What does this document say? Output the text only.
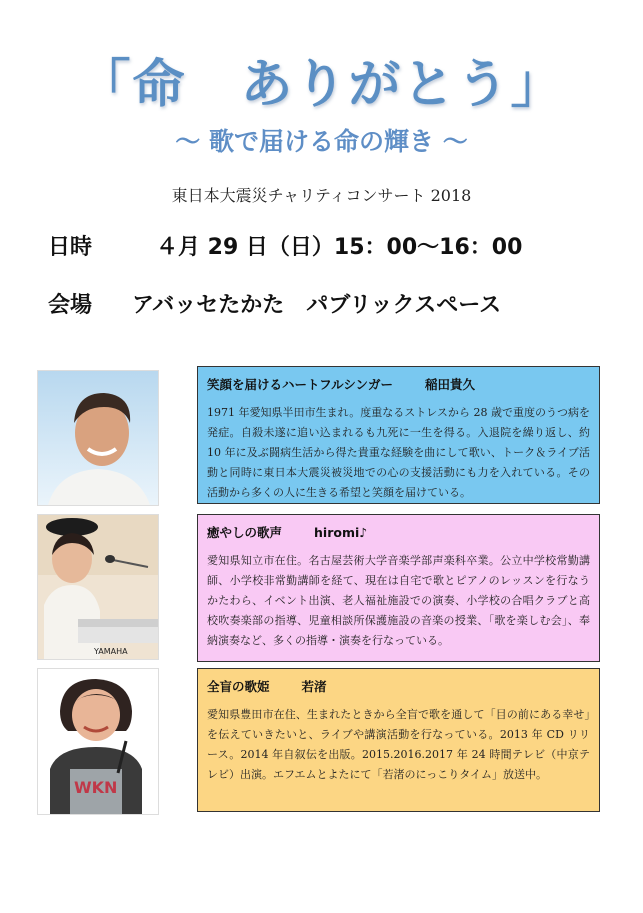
「命　ありがとう」
～ 歌で届ける命の輝き ～
東日本大震災チャリティコンサート 2018
日時	４月 29 日（日）15：00～16：00
会場 アバッセたかた　パブリックスペース
YAMAHA
WKN
笑顔を届けるハートフルシンガー	稲田貴久

1971 年愛知県半田市生まれ。度重なるストレスから 28 歳で重度のうつ病を発症。自殺未遂に追い込まれるも九死に一生を得る。入退院を繰り返し、約 10 年に及ぶ闘病生活から得た貴重な経験を曲にして歌い、トーク＆ライブ活動と同時に東日本大震災被災地での心の支援活動にも力を入れている。その活動から多くの人に生きる希望と笑顔を届けている。

癒やしの歌声	hiromi♪

愛知県知立市在住。名古屋芸術大学音楽学部声楽科卒業。公立中学校常勤講師、小学校非常勤講師を経て、現在は自宅で歌とピアノのレッスンを行なうかたわら、イベント出演、老人福祉施設での演奏、小学校の合唱クラブと高校吹奏楽部の指導、児童相談所保護施設の音楽の授業、｢歌を楽しむ会｣、奉納演奏など、多くの指導・演奏を行なっている。

全盲の歌姫	若渚

愛知県豊田市在住、生まれたときから全盲で歌を通して「目の前にある幸せ」を伝えていきたいと、ライブや講演活動を行なっている。2013 年 CD リリース。2014 年自叙伝を出版。2015.2016.2017 年 24 時間テレビ（中京テレビ）出演。エフエムとよたにて「若渚のにっこりタイム」放送中。
